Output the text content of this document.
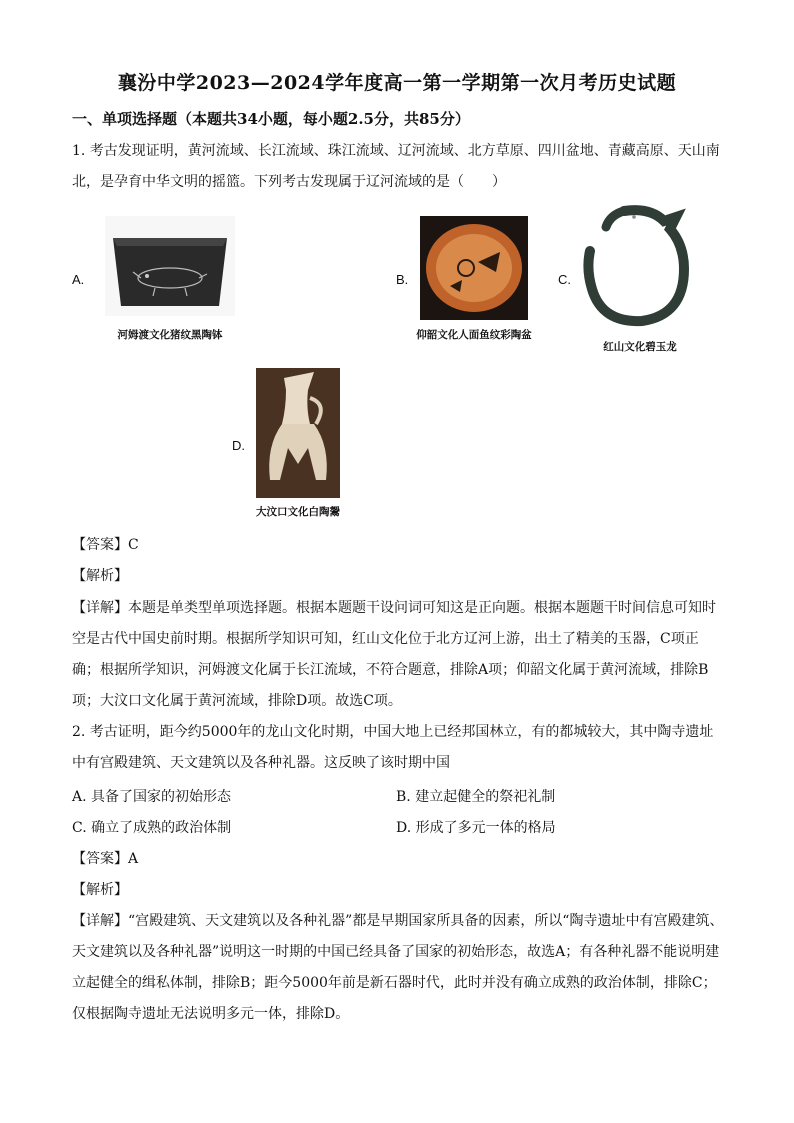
襄汾中学2023—2024学年度高一第一学期第一次月考历史试题
一、单项选择题（本题共34小题，每小题2.5分，共85分）
1. 考古发现证明，黄河流域、长江流域、珠江流域、辽河流域、北方草原、四川盆地、青藏高原、天山南北，是孕育中华文明的摇篮。下列考古发现属于辽河流域的是（　　）
A.
河姆渡文化猪纹黑陶钵
B.
仰韶文化人面鱼纹彩陶盆
C.
红山文化碧玉龙
D.
大汶口文化白陶鬶
【答案】C
【解析】
【详解】本题是单类型单项选择题。根据本题题干设问词可知这是正向题。根据本题题干时间信息可知时空是古代中国史前时期。根据所学知识可知，红山文化位于北方辽河上游，出土了精美的玉器，C项正确；根据所学知识，河姆渡文化属于长江流域，不符合题意，排除A项；仰韶文化属于黄河流域，排除B项；大汶口文化属于黄河流域，排除D项。故选C项。
2. 考古证明，距今约5000年的龙山文化时期，中国大地上已经邦国林立，有的都城较大，其中陶寺遗址中有宫殿建筑、天文建筑以及各种礼器。这反映了该时期中国
A. 具备了国家的初始形态	B. 建立起健全的祭祀礼制
C. 确立了成熟的政治体制	D. 形成了多元一体的格局
【答案】A
【解析】
【详解】“宫殿建筑、天文建筑以及各种礼器”都是早期国家所具备的因素，所以“陶寺遗址中有宫殿建筑、天文建筑以及各种礼器”说明这一时期的中国已经具备了国家的初始形态，故选A；有各种礼器不能说明建立起健全的缉私体制，排除B；距今5000年前是新石器时代，此时并没有确立成熟的政治体制，排除C；仅根据陶寺遗址无法说明多元一体，排除D。
